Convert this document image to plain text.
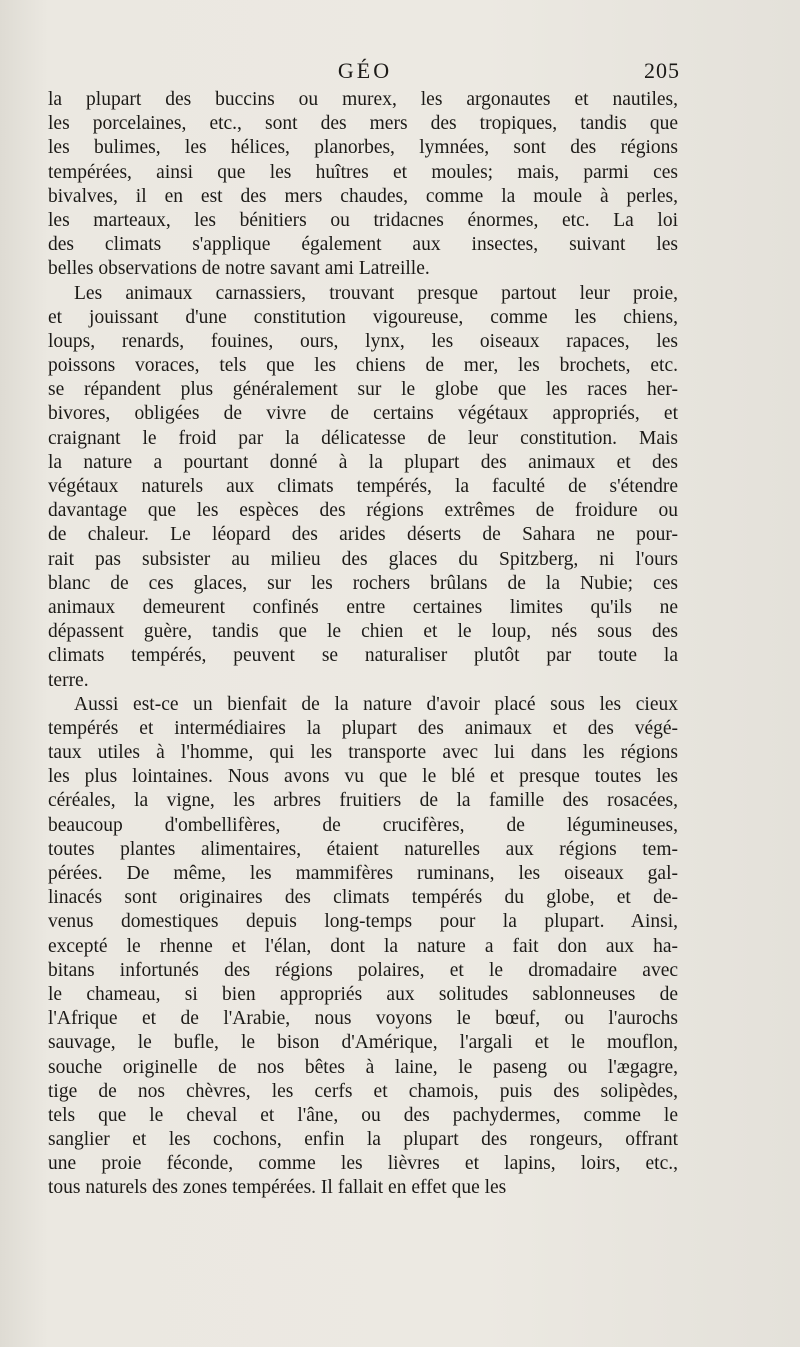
GÉO	205
la plupart des buccins ou murex, les argonautes et nautiles,
les porcelaines, etc., sont des mers des tropiques, tandis que
les bulimes, les hélices, planorbes, lymnées, sont des régions
tempérées, ainsi que les huîtres et moules; mais, parmi ces
bivalves, il en est des mers chaudes, comme la moule à perles,
les marteaux, les bénitiers ou tridacnes énormes, etc. La loi
des climats s'applique également aux insectes, suivant les
belles observations de notre savant ami Latreille.
Les animaux carnassiers, trouvant presque partout leur proie,
et jouissant d'une constitution vigoureuse, comme les chiens,
loups, renards, fouines, ours, lynx, les oiseaux rapaces, les
poissons voraces, tels que les chiens de mer, les brochets, etc.
se répandent plus généralement sur le globe que les races her-
bivores, obligées de vivre de certains végétaux appropriés, et
craignant le froid par la délicatesse de leur constitution. Mais
la nature a pourtant donné à la plupart des animaux et des
végétaux naturels aux climats tempérés, la faculté de s'étendre
davantage que les espèces des régions extrêmes de froidure ou
de chaleur. Le léopard des arides déserts de Sahara ne pour-
rait pas subsister au milieu des glaces du Spitzberg, ni l'ours
blanc de ces glaces, sur les rochers brûlans de la Nubie; ces
animaux demeurent confinés entre certaines limites qu'ils ne
dépassent guère, tandis que le chien et le loup, nés sous des
climats tempérés, peuvent se naturaliser plutôt par toute la
terre.
Aussi est-ce un bienfait de la nature d'avoir placé sous les cieux
tempérés et intermédiaires la plupart des animaux et des végé-
taux utiles à l'homme, qui les transporte avec lui dans les régions
les plus lointaines. Nous avons vu que le blé et presque toutes les
céréales, la vigne, les arbres fruitiers de la famille des rosacées,
beaucoup d'ombellifères, de crucifères, de légumineuses,
toutes plantes alimentaires, étaient naturelles aux régions tem-
pérées. De même, les mammifères ruminans, les oiseaux gal-
linacés sont originaires des climats tempérés du globe, et de-
venus domestiques depuis long-temps pour la plupart. Ainsi,
excepté le rhenne et l'élan, dont la nature a fait don aux ha-
bitans infortunés des régions polaires, et le dromadaire avec
le chameau, si bien appropriés aux solitudes sablonneuses de
l'Afrique et de l'Arabie, nous voyons le bœuf, ou l'aurochs
sauvage, le bufle, le bison d'Amérique, l'argali et le mouflon,
souche originelle de nos bêtes à laine, le paseng ou l'ægagre,
tige de nos chèvres, les cerfs et chamois, puis des solipèdes,
tels que le cheval et l'âne, ou des pachydermes, comme le
sanglier et les cochons, enfin la plupart des rongeurs, offrant
une proie féconde, comme les lièvres et lapins, loirs, etc.,
tous naturels des zones tempérées. Il fallait en effet que les
